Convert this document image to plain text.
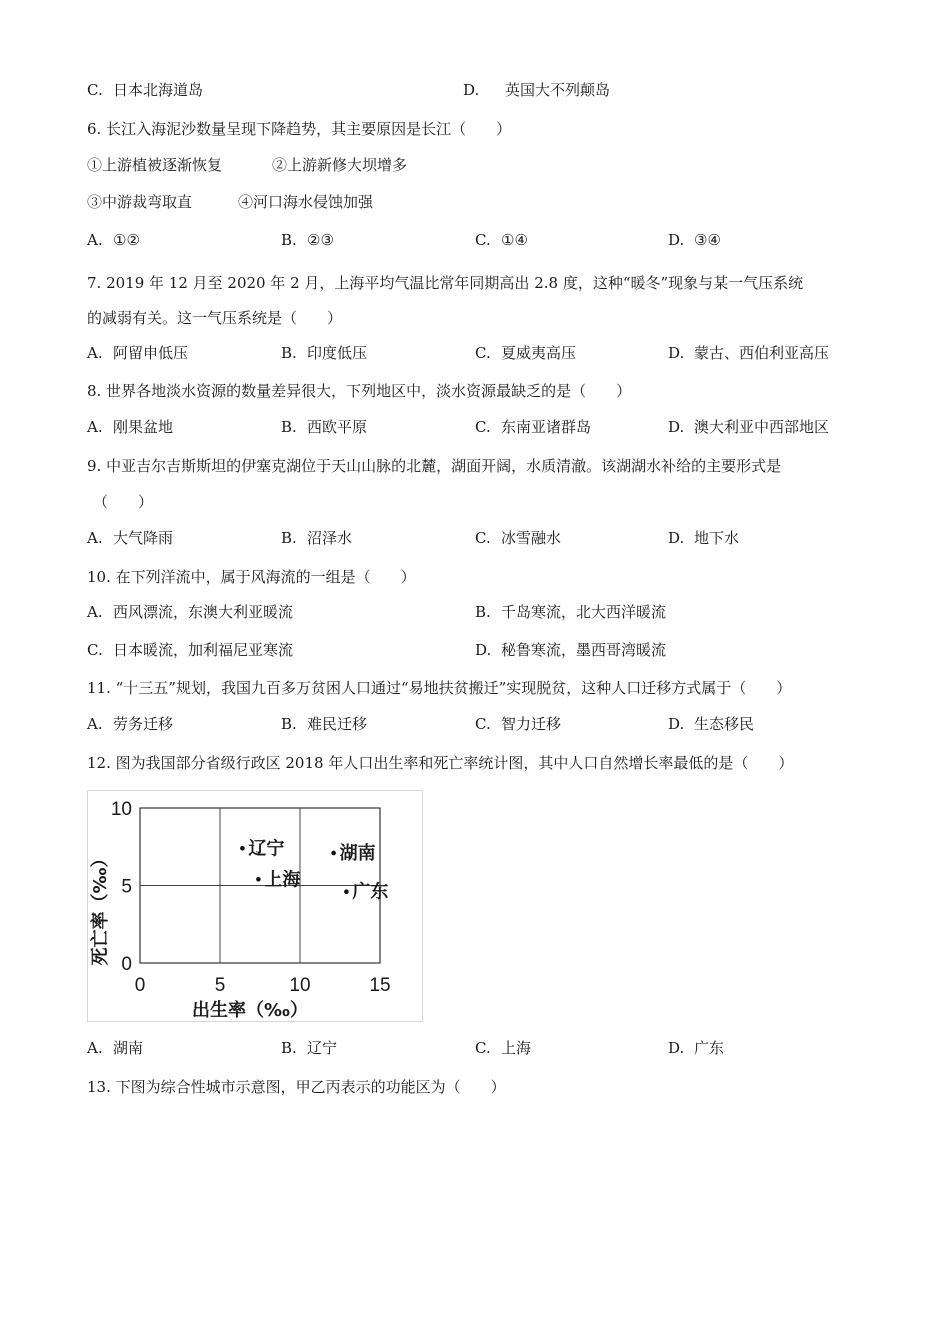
C. 日本北海道岛	D. 英国大不列颠岛
6. 长江入海泥沙数量呈现下降趋势，其主要原因是长江（　　）
①上游植被逐渐恢复	②上游新修大坝增多
③中游裁弯取直	④河口海水侵蚀加强
A. ①②	B. ②③	C. ①④	D. ③④
7. 2019 年 12 月至 2020 年 2 月，上海平均气温比常年同期高出 2.8 度，这种“暖冬”现象与某一气压系统
的减弱有关。这一气压系统是（　　）
A. 阿留申低压	B. 印度低压	C. 夏威夷高压	D. 蒙古、西伯利亚高压
8. 世界各地淡水资源的数量差异很大，下列地区中，淡水资源最缺乏的是（　　）
A. 刚果盆地	B. 西欧平原	C. 东南亚诸群岛	D. 澳大利亚中西部地区
9. 中亚吉尔吉斯斯坦的伊塞克湖位于天山山脉的北麓，湖面开阔，水质清澈。该湖湖水补给的主要形式是
（　　）
A. 大气降雨	B. 沼泽水	C. 冰雪融水	D. 地下水
10. 在下列洋流中，属于风海流的一组是（　　）
A. 西风漂流，东澳大利亚暖流	B. 千岛寒流，北大西洋暖流
C. 日本暖流，加利福尼亚寒流	D. 秘鲁寒流，墨西哥湾暖流
11. “十三五”规划，我国九百多万贫困人口通过“易地扶贫搬迁”实现脱贫，这种人口迁移方式属于（　　）
A. 劳务迁移	B. 难民迁移	C. 智力迁移	D. 生态移民
12. 图为我国部分省级行政区 2018 年人口出生率和死亡率统计图，其中人口自然增长率最低的是（　　）
0	5	10	15
0
5
10
出生率（‰）
死亡率（‰）
辽宁
上海
湖南
广东
A. 湖南	B. 辽宁	C. 上海	D. 广东
13. 下图为综合性城市示意图，甲乙丙表示的功能区为（　　）
